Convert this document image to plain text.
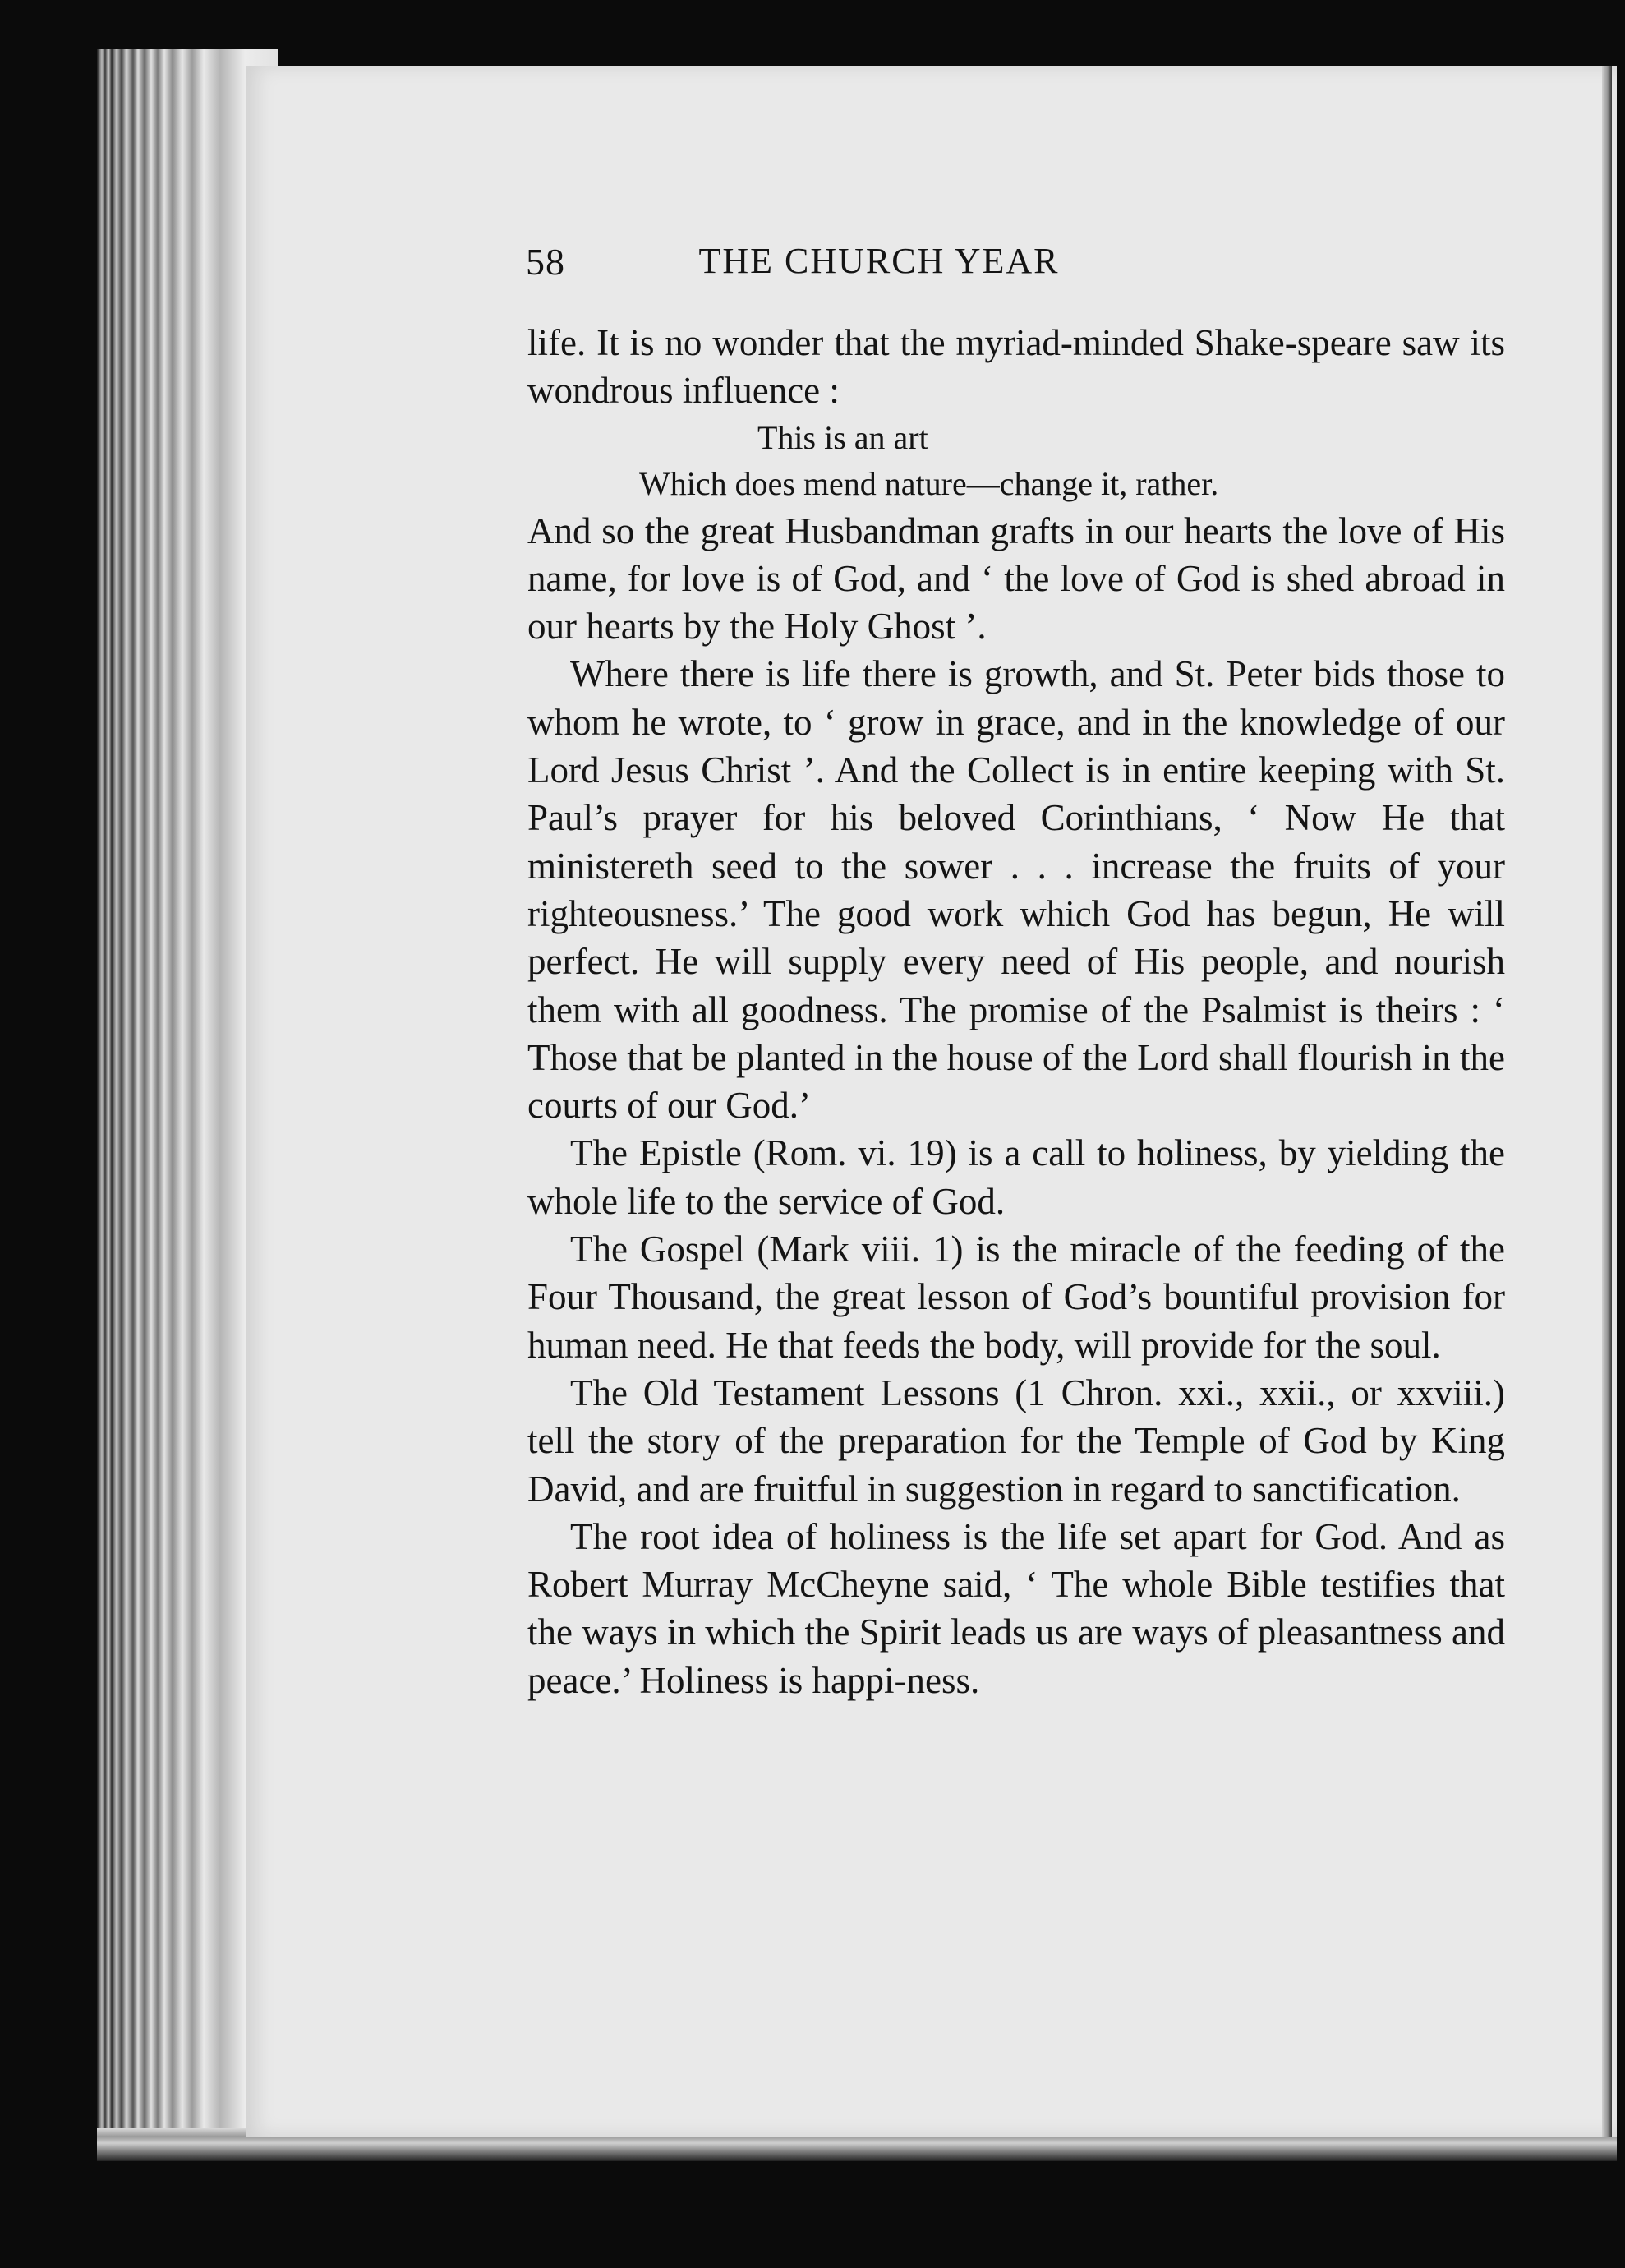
58	THE CHURCH YEAR

life. It is no wonder that the myriad-minded Shake-speare saw its wondrous influence :

This is an art
Which does mend nature—change it, rather.

And so the great Husbandman grafts in our hearts the love of His name, for love is of God, and ‘ the love of God is shed abroad in our hearts by the Holy Ghost ’.

Where there is life there is growth, and St. Peter bids those to whom he wrote, to ‘ grow in grace, and in the knowledge of our Lord Jesus Christ ’. And the Collect is in entire keeping with St. Paul’s prayer for his beloved Corinthians, ‘ Now He that ministereth seed to the sower . . . increase the fruits of your righteousness.’ The good work which God has begun, He will perfect. He will supply every need of His people, and nourish them with all goodness. The promise of the Psalmist is theirs : ‘ Those that be planted in the house of the Lord shall flourish in the courts of our God.’

The Epistle (Rom. vi. 19) is a call to holiness, by yielding the whole life to the service of God.

The Gospel (Mark viii. 1) is the miracle of the feeding of the Four Thousand, the great lesson of God’s bountiful provision for human need. He that feeds the body, will provide for the soul.

The Old Testament Lessons (1 Chron. xxi., xxii., or xxviii.) tell the story of the preparation for the Temple of God by King David, and are fruitful in suggestion in regard to sanctification.

The root idea of holiness is the life set apart for God. And as Robert Murray McCheyne said, ‘ The whole Bible testifies that the ways in which the Spirit leads us are ways of pleasantness and peace.’ Holiness is happi-ness.
